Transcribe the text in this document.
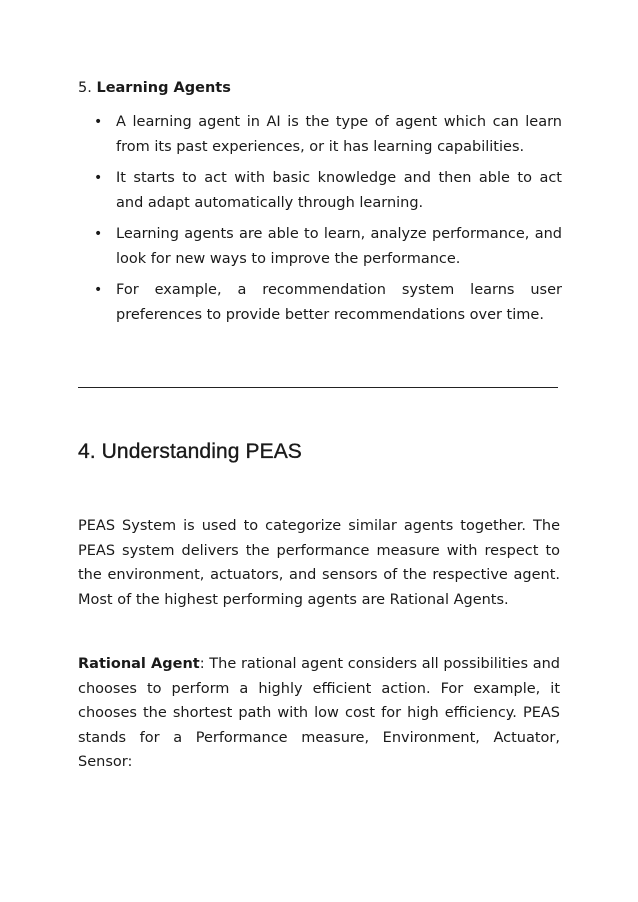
5. Learning Agents
• A learning agent in AI is the type of agent which can learn from its past experiences, or it has learning capabilities.
• It starts to act with basic knowledge and then able to act and adapt automatically through learning.
• Learning agents are able to learn, analyze performance, and look for new ways to improve the performance.
• For example, a recommendation system learns user preferences to provide better recommendations over time.
4. Understanding PEAS

PEAS System is used to categorize similar agents together. The PEAS system delivers the performance measure with respect to the environment, actuators, and sensors of the respective agent. Most of the highest performing agents are Rational Agents.

Rational Agent: The rational agent considers all possibilities and chooses to perform a highly efficient action. For example, it chooses the shortest path with low cost for high efficiency. PEAS stands for a Performance measure, Environment, Actuator, Sensor:
